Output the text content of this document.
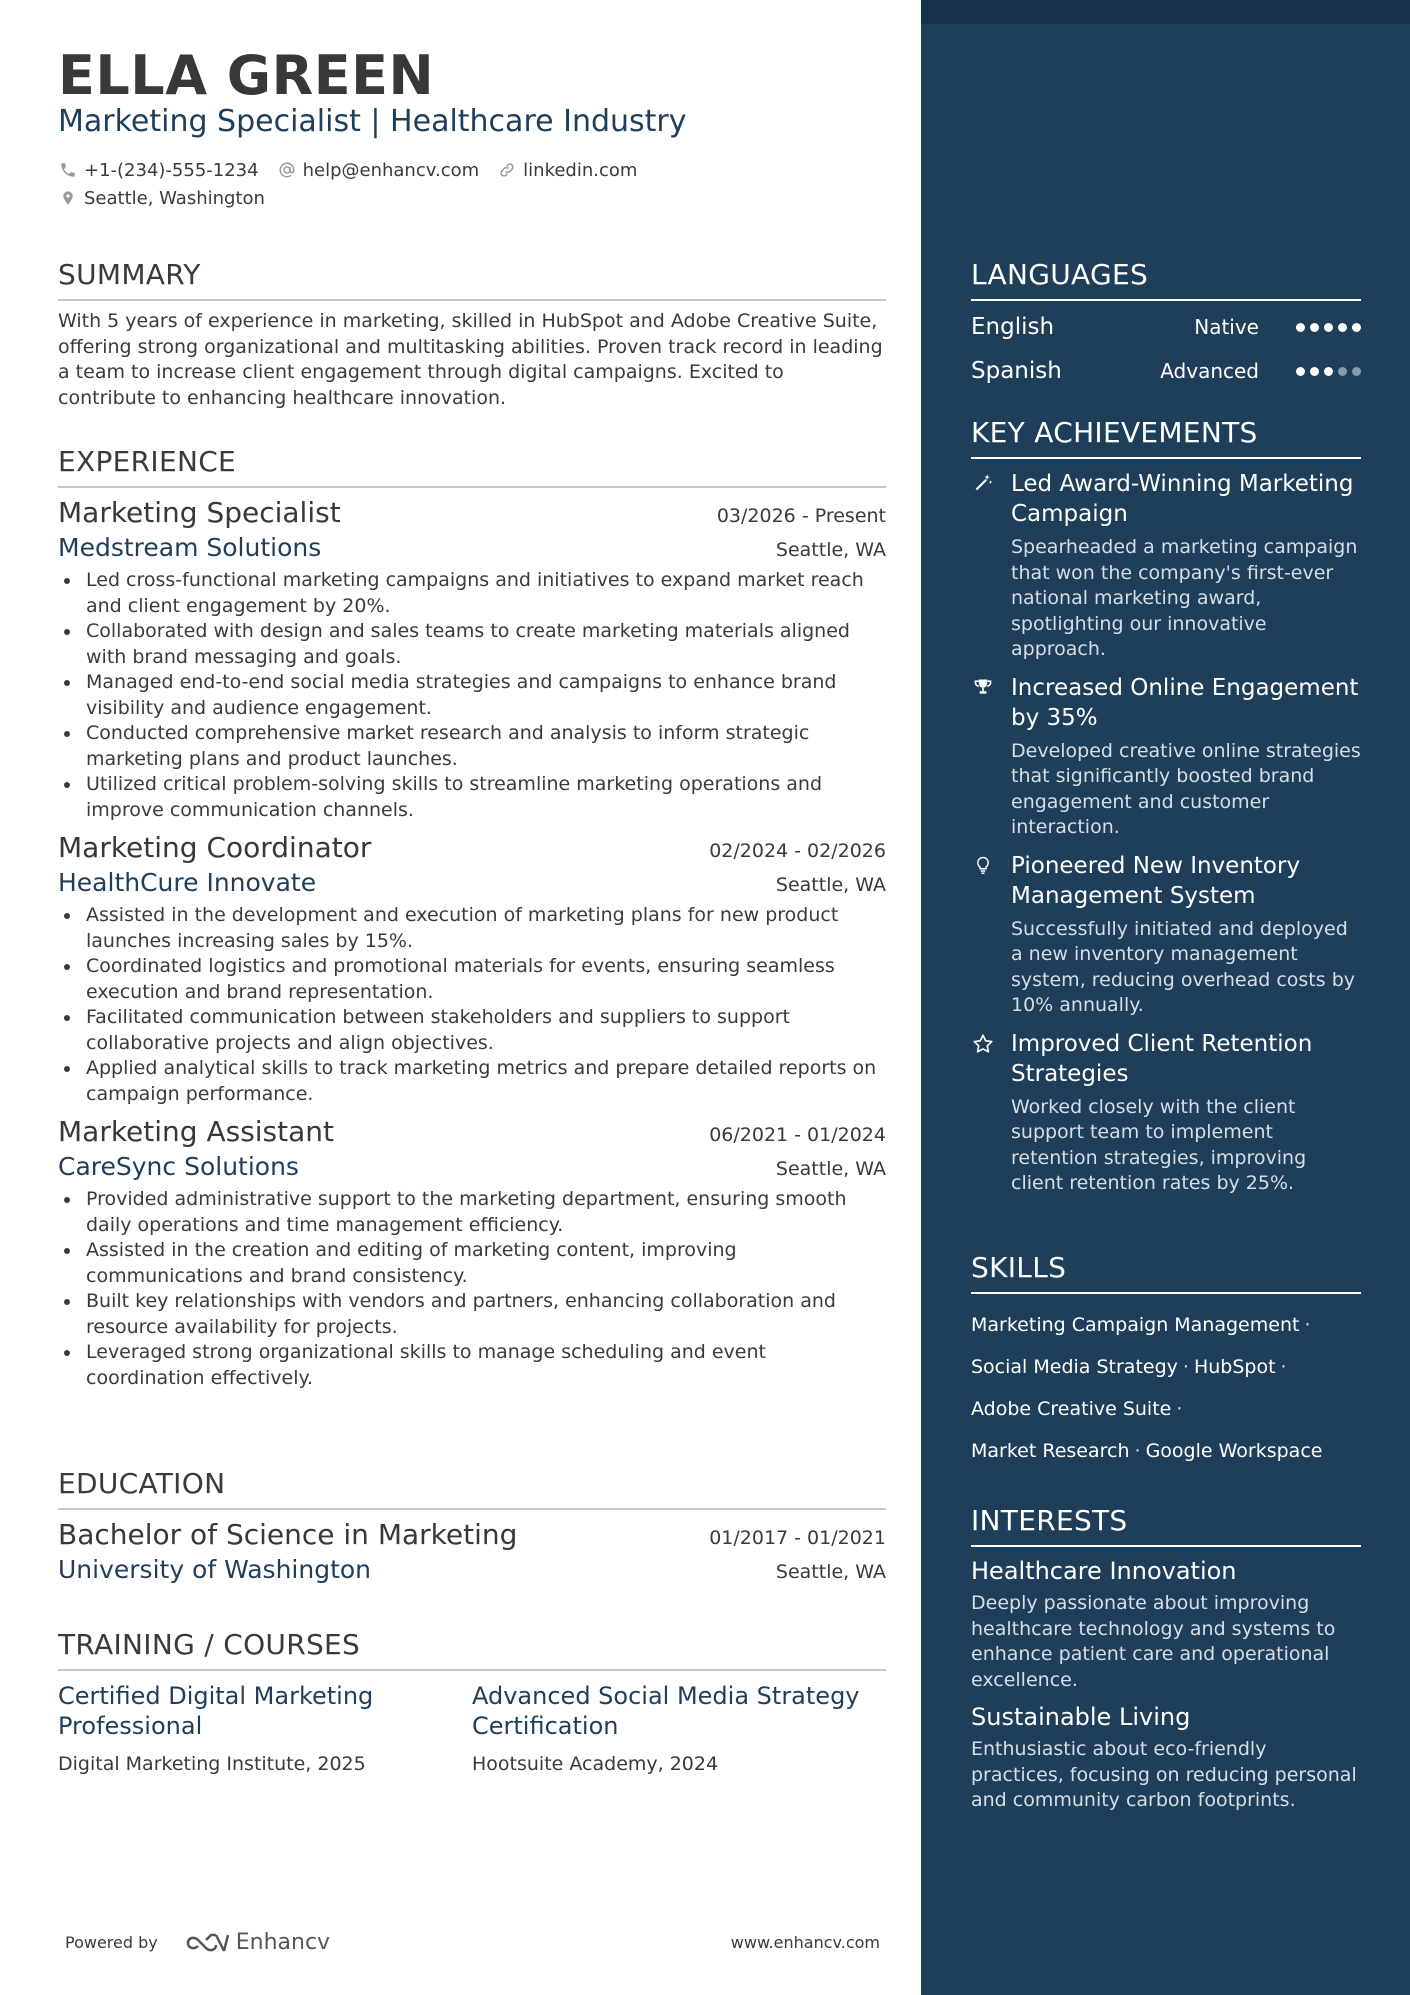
ELLA GREEN
Marketing Specialist | Healthcare Industry
+1-(234)-555-1234 help@enhancv.com linkedin.com
Seattle, Washington
SUMMARY
With 5 years of experience in marketing, skilled in HubSpot and Adobe Creative Suite, offering strong organizational and multitasking abilities. Proven track record in leading a team to increase client engagement through digital campaigns. Excited to contribute to enhancing healthcare innovation.
EXPERIENCE
Marketing Specialist	03/2026 - Present
Medstream Solutions	Seattle, WA
Led cross-functional marketing campaigns and initiatives to expand market reach and client engagement by 20%.
Collaborated with design and sales teams to create marketing materials aligned with brand messaging and goals.
Managed end-to-end social media strategies and campaigns to enhance brand visibility and audience engagement.
Conducted comprehensive market research and analysis to inform strategic marketing plans and product launches.
Utilized critical problem-solving skills to streamline marketing operations and improve communication channels.
Marketing Coordinator	02/2024 - 02/2026
HealthCure Innovate	Seattle, WA
Assisted in the development and execution of marketing plans for new product launches increasing sales by 15%.
Coordinated logistics and promotional materials for events, ensuring seamless execution and brand representation.
Facilitated communication between stakeholders and suppliers to support collaborative projects and align objectives.
Applied analytical skills to track marketing metrics and prepare detailed reports on campaign performance.
Marketing Assistant	06/2021 - 01/2024
CareSync Solutions	Seattle, WA
Provided administrative support to the marketing department, ensuring smooth daily operations and time management efficiency.
Assisted in the creation and editing of marketing content, improving communications and brand consistency.
Built key relationships with vendors and partners, enhancing collaboration and resource availability for projects.
Leveraged strong organizational skills to manage scheduling and event coordination effectively.
EDUCATION
Bachelor of Science in Marketing	01/2017 - 01/2021
University of Washington	Seattle, WA
TRAINING / COURSES
Certified Digital Marketing Professional
Digital Marketing Institute, 2025
Advanced Social Media Strategy Certification
Hootsuite Academy, 2024
Powered by	Enhancv	www.enhancv.com
LANGUAGES
English	Native
Spanish	Advanced
KEY ACHIEVEMENTS
Led Award-Winning Marketing Campaign
Spearheaded a marketing campaign that won the company's first-ever national marketing award, spotlighting our innovative approach.
Increased Online Engagement by 35%
Developed creative online strategies that significantly boosted brand engagement and customer interaction.
Pioneered New Inventory Management System
Successfully initiated and deployed a new inventory management system, reducing overhead costs by 10% annually.
Improved Client Retention Strategies
Worked closely with the client support team to implement retention strategies, improving client retention rates by 25%.
SKILLS
Marketing Campaign Management ·
Social Media Strategy · HubSpot ·
Adobe Creative Suite ·
Market Research · Google Workspace
INTERESTS
Healthcare Innovation
Deeply passionate about improving healthcare technology and systems to enhance patient care and operational excellence.
Sustainable Living
Enthusiastic about eco-friendly practices, focusing on reducing personal and community carbon footprints.
